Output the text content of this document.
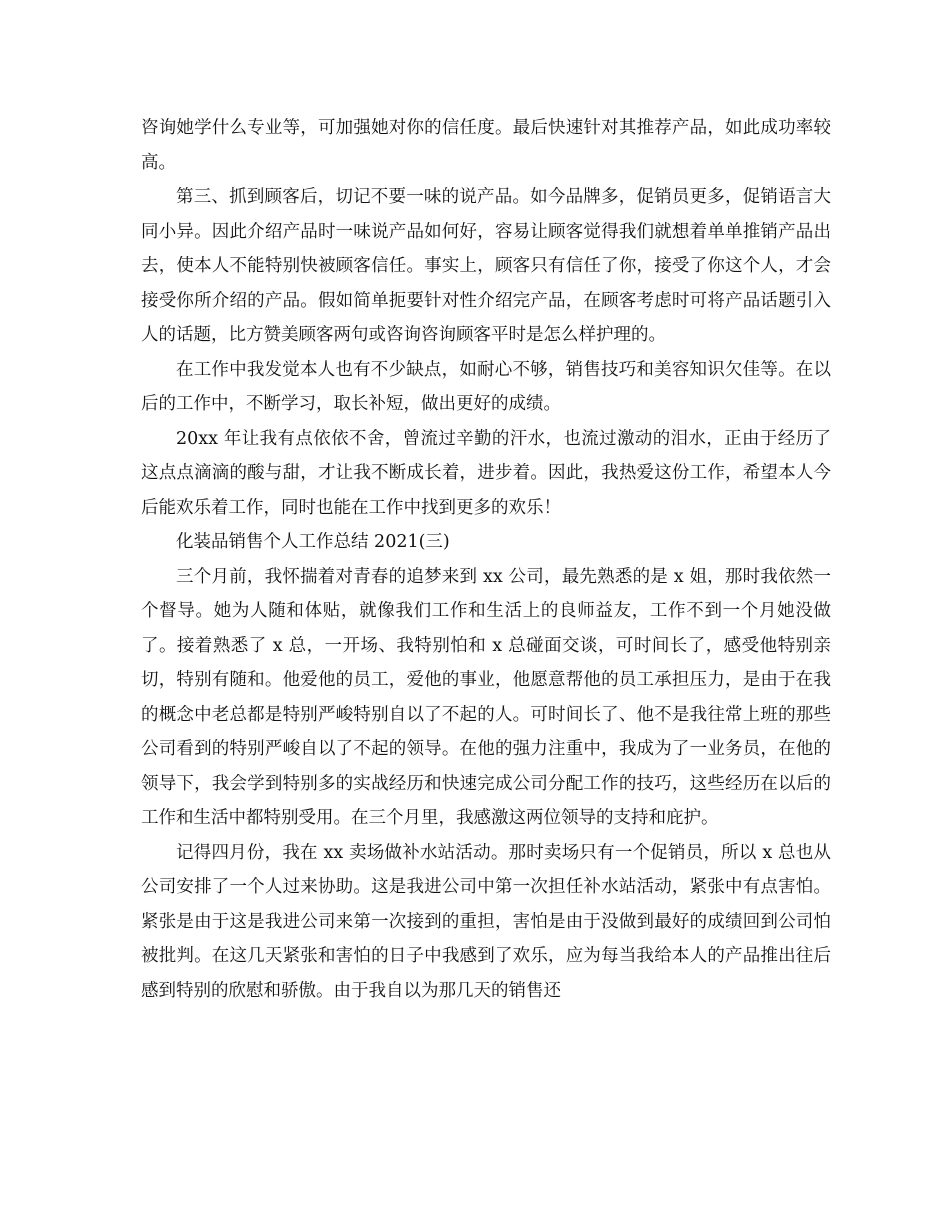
咨询她学什么专业等，可加强她对你的信任度。最后快速针对其推荐产品，如此成功率较高。

第三、抓到顾客后，切记不要一味的说产品。如今品牌多，促销员更多，促销语言大同小异。因此介绍产品时一味说产品如何好，容易让顾客觉得我们就想着单单推销产品出去，使本人不能特别快被顾客信任。事实上，顾客只有信任了你，接受了你这个人，才会接受你所介绍的产品。假如简单扼要针对性介绍完产品，在顾客考虑时可将产品话题引入人的话题，比方赞美顾客两句或咨询咨询顾客平时是怎么样护理的。

在工作中我发觉本人也有不少缺点，如耐心不够，销售技巧和美容知识欠佳等。在以后的工作中，不断学习，取长补短，做出更好的成绩。

20xx 年让我有点依依不舍，曾流过辛勤的汗水，也流过激动的泪水，正由于经历了这点点滴滴的酸与甜，才让我不断成长着，进步着。因此，我热爱这份工作，希望本人今后能欢乐着工作，同时也能在工作中找到更多的欢乐！

化装品销售个人工作总结 2021(三)

三个月前，我怀揣着对青春的追梦来到 xx 公司，最先熟悉的是 x 姐，那时我依然一个督导。她为人随和体贴，就像我们工作和生活上的良师益友，工作不到一个月她没做了。接着熟悉了 x 总，一开场、我特别怕和 x 总碰面交谈，可时间长了，感受他特别亲切，特别有随和。他爱他的员工，爱他的事业，他愿意帮他的员工承担压力，是由于在我的概念中老总都是特别严峻特别自以了不起的人。可时间长了、他不是我往常上班的那些公司看到的特别严峻自以了不起的领导。在他的强力注重中，我成为了一业务员，在他的领导下，我会学到特别多的实战经历和快速完成公司分配工作的技巧，这些经历在以后的工作和生活中都特别受用。在三个月里，我感激这两位领导的支持和庇护。

记得四月份，我在 xx 卖场做补水站活动。那时卖场只有一个促销员，所以 x 总也从公司安排了一个人过来协助。这是我进公司中第一次担任补水站活动，紧张中有点害怕。紧张是由于这是我进公司来第一次接到的重担，害怕是由于没做到最好的成绩回到公司怕被批判。在这几天紧张和害怕的日子中我感到了欢乐，应为每当我给本人的产品推出往后感到特别的欣慰和骄傲。由于我自以为那几天的销售还
